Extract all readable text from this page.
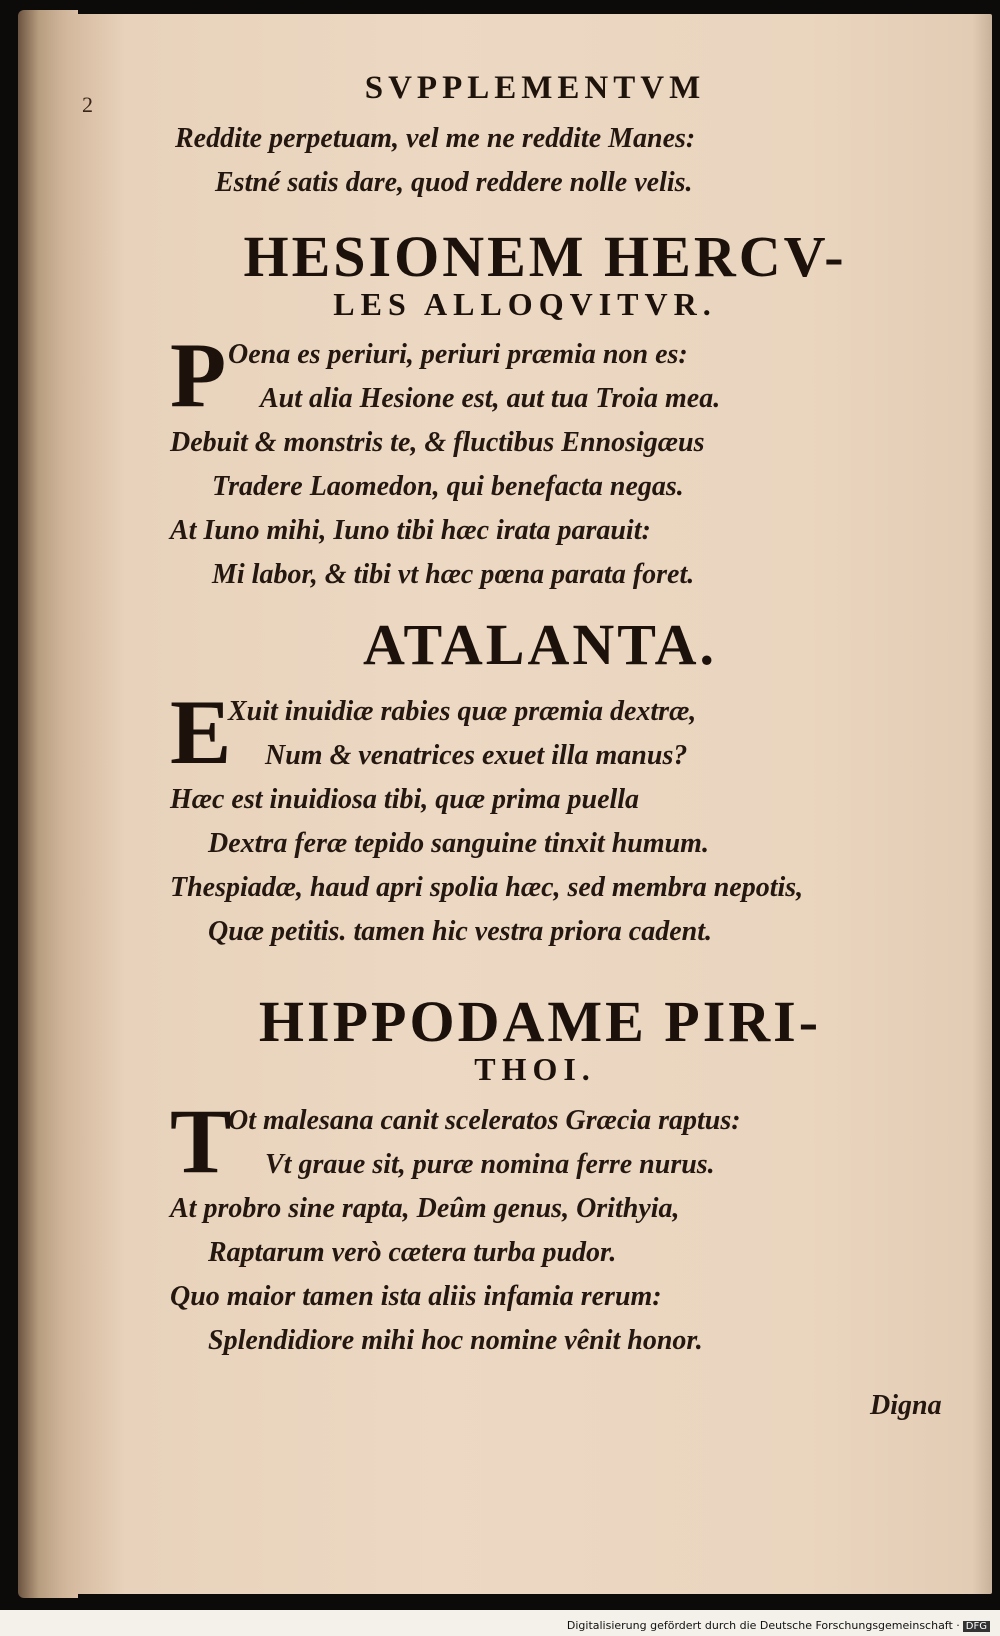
2	SVPPLEMENTVM
Reddite perpetuam, vel me ne reddite Manes:
Estné satis dare, quod reddere nolle velis.
HESIONEM HERCV-
LES ALLOQVITVR.
P Oena es periuri, periuri præmia non es:
Aut alia Hesione est, aut tua Troia mea.
Debuit & monstris te, & fluctibus Ennosigæus
Tradere Laomedon, qui benefacta negas.
At Iuno mihi, Iuno tibi hæc irata parauit:
Mi labor, & tibi vt hæc pœna parata foret.
ATALANTA.
E
Xuit inuidiæ rabies quæ præmia dextræ,
Num & venatrices exuet illa manus?
Hæc est inuidiosa tibi, quæ prima puella
Dextra feræ tepido sanguine tinxit humum.
Thespiadæ, haud apri spolia hæc, sed membra nepotis,
Quæ petitis. tamen hic vestra priora cadent.
HIPPODAME PIRI-
THOI.
T
Ot malesana canit sceleratos Græcia raptus:
Vt graue sit, puræ nomina ferre nurus.
At probro sine rapta, Deûm genus, Orithyia,
Raptarum verò cætera turba pudor.
Quo maior tamen ista aliis infamia rerum:
Splendidiore mihi hoc nomine vênit honor.
Digna
Digitalisierung gefördert durch die Deutsche Forschungsgemeinschaft · DFG
